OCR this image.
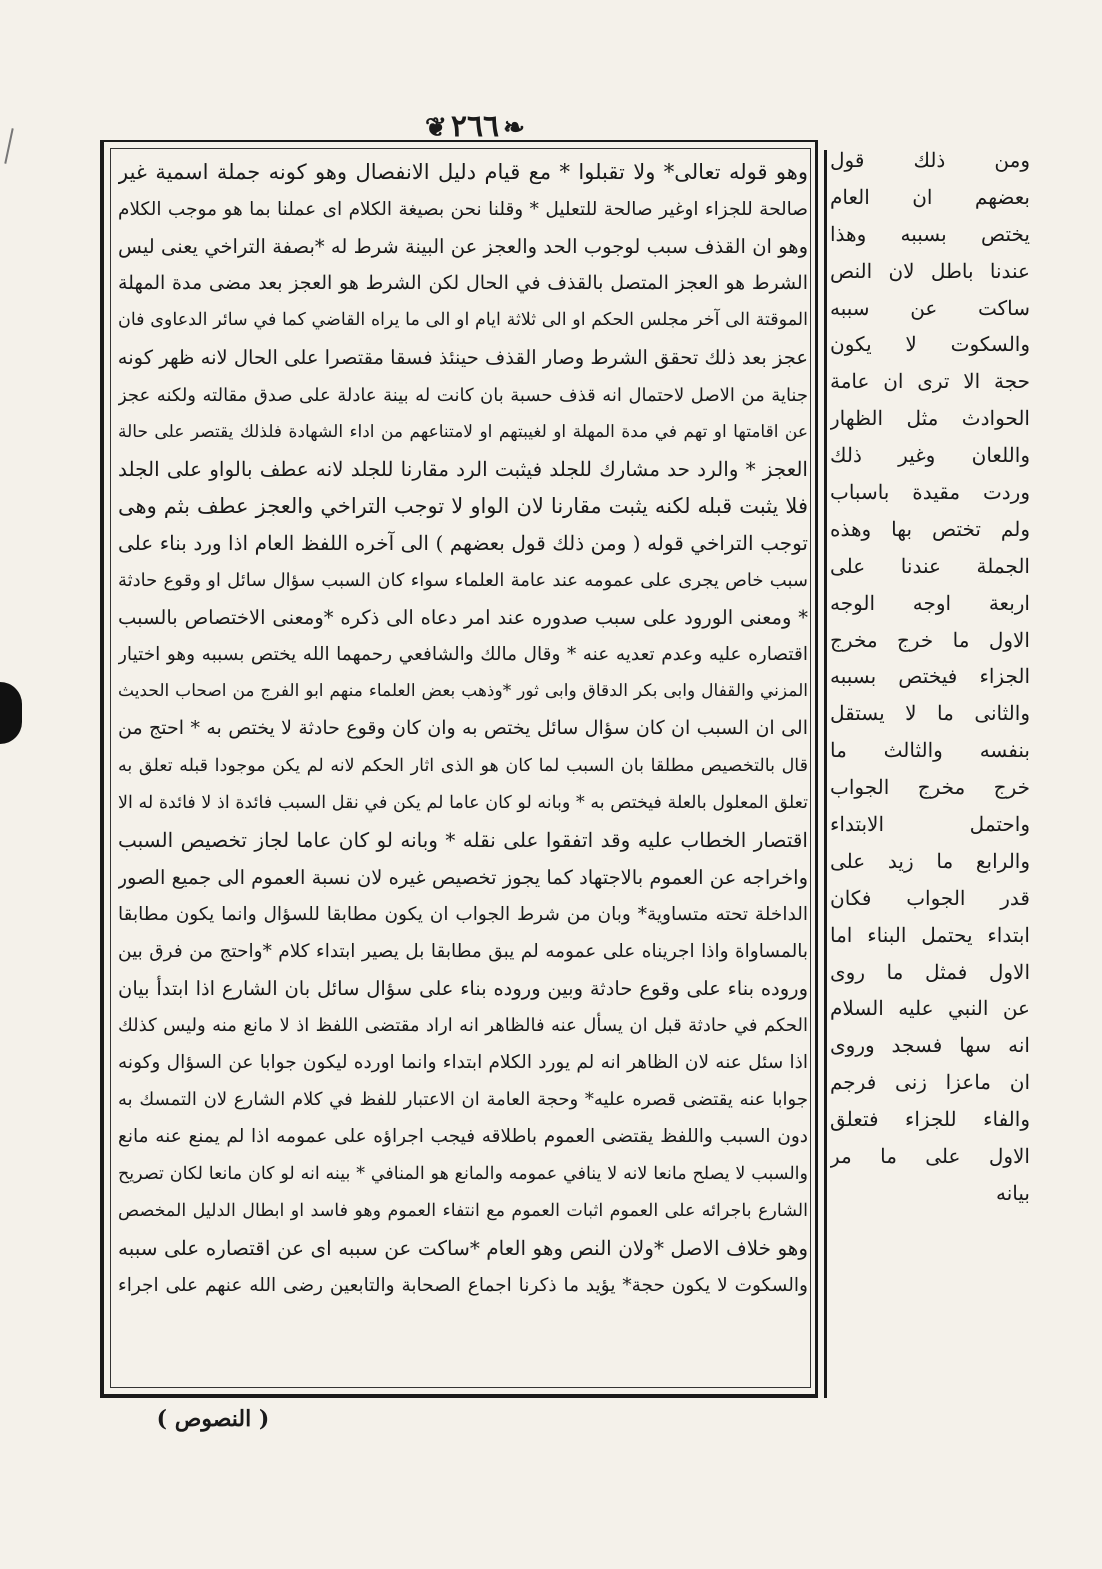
❧٢٦٦❦
وهو قوله تعالى* ولا تقبلوا * مع قيام دليل الانفصال وهو كونه جملة اسمية غير
صالحة للجزاء اوغير صالحة للتعليل * وقلنا نحن بصيغة الكلام اى عملنا بما هو موجب الكلام
وهو ان القذف سبب لوجوب الحد والعجز عن البينة شرط له *بصفة التراخي يعنى ليس
الشرط هو العجز المتصل بالقذف في الحال لكن الشرط هو العجز بعد مضى مدة المهلة
الموقتة الى آخر مجلس الحكم او الى ثلاثة ايام او الى ما يراه القاضي كما في سائر الدعاوى فان
عجز بعد ذلك تحقق الشرط وصار القذف حينئذ فسقا مقتصرا على الحال لانه ظهر كونه
جناية من الاصل لاحتمال انه قذف حسبة بان كانت له بينة عادلة على صدق مقالته ولكنه عجز
عن اقامتها او تهم في مدة المهلة او لغيبتهم او لامتناعهم من اداء الشهادة فلذلك يقتصر على حالة
العجز * والرد حد مشارك للجلد فيثبت الرد مقارنا للجلد لانه عطف بالواو على الجلد
فلا يثبت قبله لكنه يثبت مقارنا لان الواو لا توجب التراخي والعجز عطف بثم وهى
توجب التراخي قوله ( ومن ذلك قول بعضهم ) الى آخره اللفظ العام اذا ورد بناء على
سبب خاص يجرى على عمومه عند عامة العلماء سواء كان السبب سؤال سائل او وقوع حادثة
* ومعنى الورود على سبب صدوره عند امر دعاه الى ذكره *ومعنى الاختصاص بالسبب
اقتصاره عليه وعدم تعديه عنه * وقال مالك والشافعي رحمهما الله يختص بسببه وهو اختيار
المزني والقفال وابى بكر الدقاق وابى ثور *وذهب بعض العلماء منهم ابو الفرج من اصحاب الحديث
الى ان السبب ان كان سؤال سائل يختص به وان كان وقوع حادثة لا يختص به * احتج من
قال بالتخصيص مطلقا بان السبب لما كان هو الذى اثار الحكم لانه لم يكن موجودا قبله تعلق به
تعلق المعلول بالعلة فيختص به * وبانه لو كان عاما لم يكن في نقل السبب فائدة اذ لا فائدة له الا
اقتصار الخطاب عليه وقد اتفقوا على نقله * وبانه لو كان عاما لجاز تخصيص السبب
واخراجه عن العموم بالاجتهاد كما يجوز تخصيص غيره لان نسبة العموم الى جميع الصور
الداخلة تحته متساوية* وبان من شرط الجواب ان يكون مطابقا للسؤال وانما يكون مطابقا
بالمساواة واذا اجريناه على عمومه لم يبق مطابقا بل يصير ابتداء كلام *واحتج من فرق بين
وروده بناء على وقوع حادثة وبين وروده بناء على سؤال سائل بان الشارع اذا ابتدأ بيان
الحكم في حادثة قبل ان يسأل عنه فالظاهر انه اراد مقتضى اللفظ اذ لا مانع منه وليس كذلك
اذا سئل عنه لان الظاهر انه لم يورد الكلام ابتداء وانما اورده ليكون جوابا عن السؤال وكونه
جوابا عنه يقتضى قصره عليه* وحجة العامة ان الاعتبار للفظ في كلام الشارع لان التمسك به
دون السبب واللفظ يقتضى العموم باطلاقه فيجب اجراؤه على عمومه اذا لم يمنع عنه مانع
والسبب لا يصلح مانعا لانه لا ينافي عمومه والمانع هو المنافي * بينه انه لو كان مانعا لكان تصريح
الشارع باجرائه على العموم اثبات العموم مع انتفاء العموم وهو فاسد او ابطال الدليل المخصص
وهو خلاف الاصل *ولان النص وهو العام *ساكت عن سببه اى عن اقتصاره على سببه
والسكوت لا يكون حجة* يؤيد ما ذكرنا اجماع الصحابة والتابعين رضى الله عنهم على اجراء
ومن ذلك قول
بعضهم ان العام
يختص بسببه وهذا
عندنا باطل لان النص
ساكت عن سببه
والسكوت لا يكون
حجة الا ترى ان عامة
الحوادث مثل الظهار
واللعان وغير ذلك
وردت مقيدة باسباب
ولم تختص بها وهذه
الجملة عندنا على
اربعة اوجه الوجه
الاول ما خرج مخرج
الجزاء فيختص بسببه
والثانى ما لا يستقل
بنفسه والثالث ما
خرج مخرج الجواب
واحتمل الابتداء
والرابع ما زيد على
قدر الجواب فكان
ابتداء يحتمل البناء اما
الاول فمثل ما روى
عن النبي عليه السلام
انه سها فسجد وروى
ان ماعزا زنى فرجم
والفاء للجزاء فتعلق
الاول على ما مر
بيانه
( النصوص )
